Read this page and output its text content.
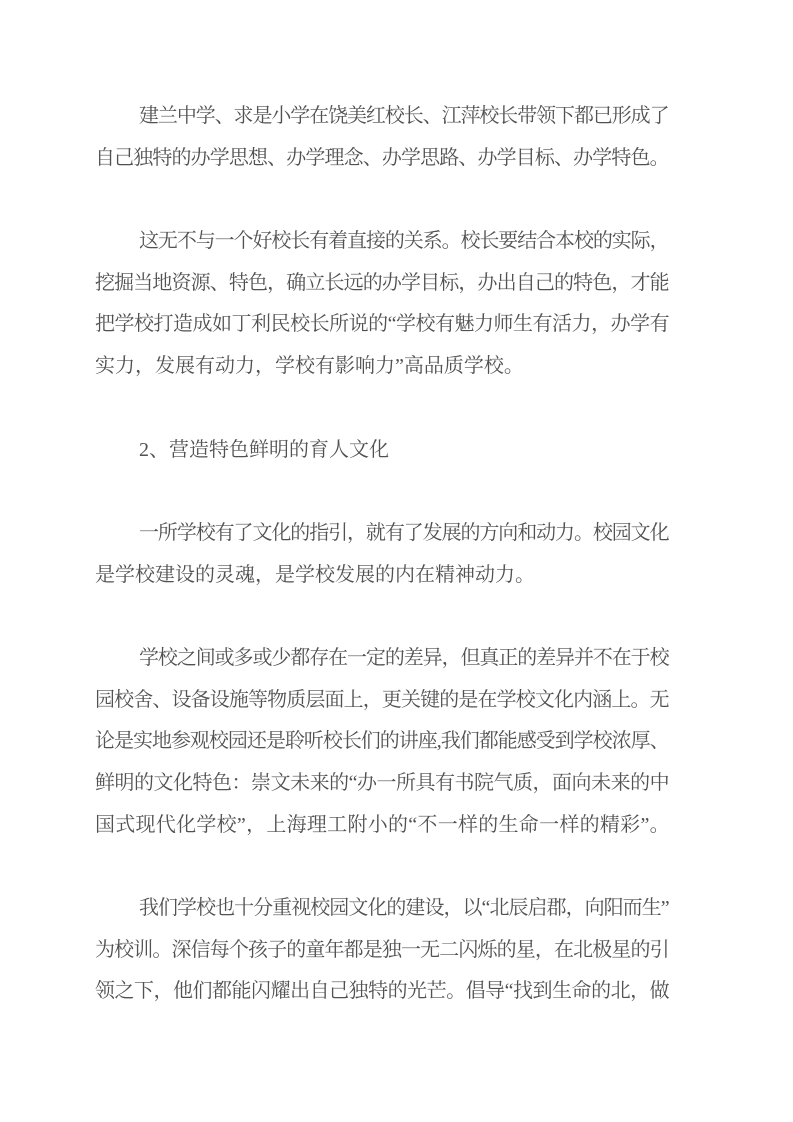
建兰中学、求是小学在饶美红校长、江萍校长带领下都已形成了
自己独特的办学思想、办学理念、办学思路、办学目标、办学特色。
这无不与一个好校长有着直接的关系。校长要结合本校的实际，
挖掘当地资源、特色，确立长远的办学目标，办出自己的特色，才能
把学校打造成如丁利民校长所说的“学校有魅力师生有活力，办学有
实力，发展有动力，学校有影响力”高品质学校。
2、营造特色鲜明的育人文化
一所学校有了文化的指引，就有了发展的方向和动力。校园文化
是学校建设的灵魂，是学校发展的内在精神动力。
学校之间或多或少都存在一定的差异，但真正的差异并不在于校
园校舍、设备设施等物质层面上，更关键的是在学校文化内涵上。无
论是实地参观校园还是聆听校长们的讲座,我们都能感受到学校浓厚、
鲜明的文化特色：崇文未来的“办一所具有书院气质，面向未来的中
国式现代化学校”，上海理工附小的“不一样的生命一样的精彩”。
我们学校也十分重视校园文化的建设，以“北辰启郡，向阳而生”
为校训。深信每个孩子的童年都是独一无二闪烁的星，在北极星的引
领之下，他们都能闪耀出自己独特的光芒。倡导“找到生命的北，做
